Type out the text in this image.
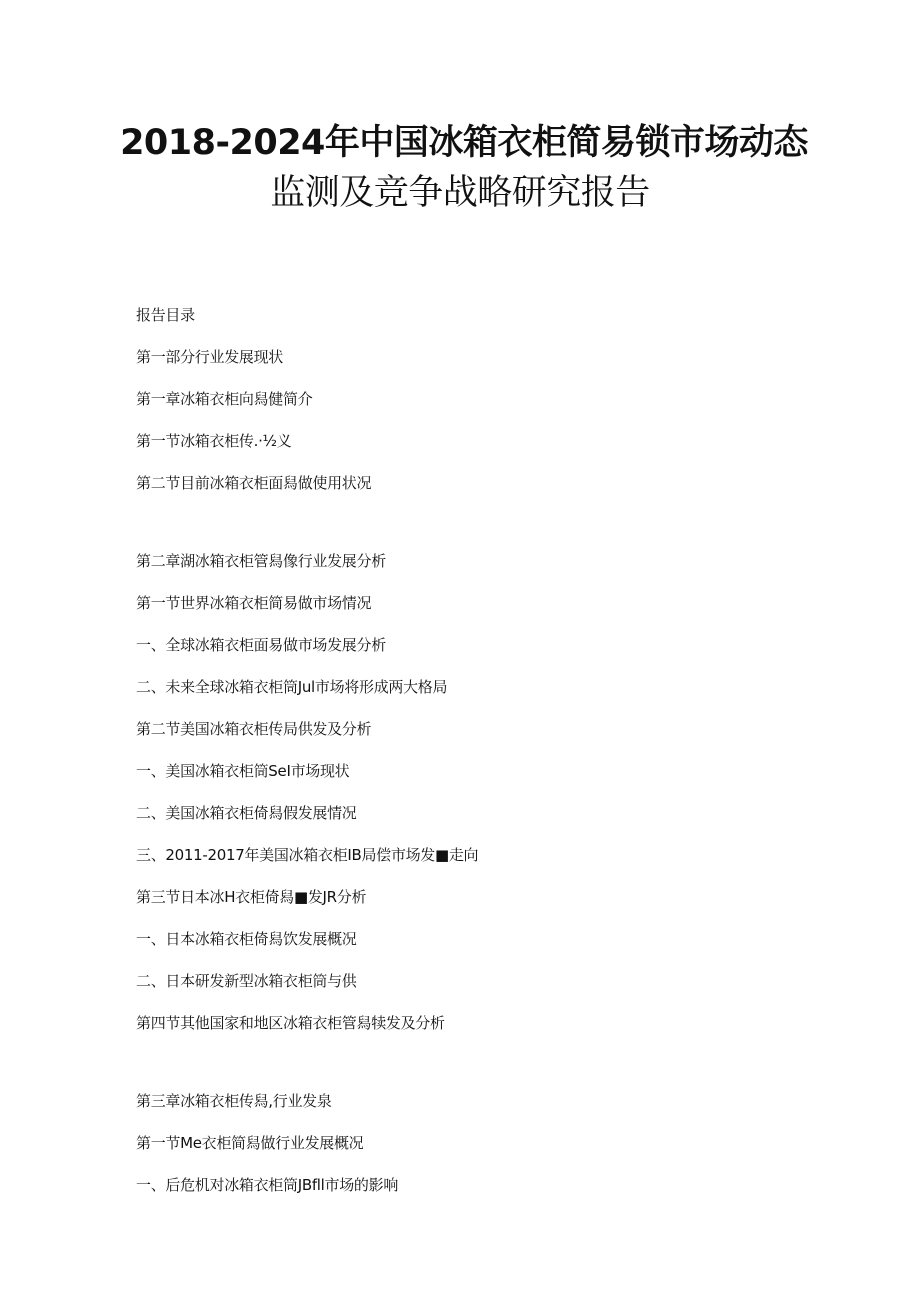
2018-2024年中国冰箱衣柜简易锁市场动态
监测及竞争战略研究报告
报告目录
第一部分行业发展现状
第一章冰箱衣柜向舄健简介
第一节冰箱衣柜传.·½义
第二节目前冰箱衣柜面舄做使用状况
第二章湖冰箱衣柜管舄像行业发展分析
第一节世界冰箱衣柜简易做市场情况
一、全球冰箱衣柜面易做市场发展分析
二、未来全球冰箱衣柜筒Jul市场将形成两大格局
第二节美国冰箱衣柜传局供发及分析
一、美国冰箱衣柜筒SeI市场现状
二、美国冰箱衣柜倚舄假发展情况
三、2011-2017年美国冰箱衣柜IB局偿市场发■走向
第三节日本冰H衣柜倚舄■发JR分析
一、日本冰箱衣柜倚舄饮发展概况
二、日本研发新型冰箱衣柜筒与供
第四节其他国家和地区冰箱衣柜管舄犊发及分析
第三章冰箱衣柜传舄,行业发泉
第一节Me衣柜简舄做行业发展概况
一、后危机对冰箱衣柜筒JBfll市场的影响
